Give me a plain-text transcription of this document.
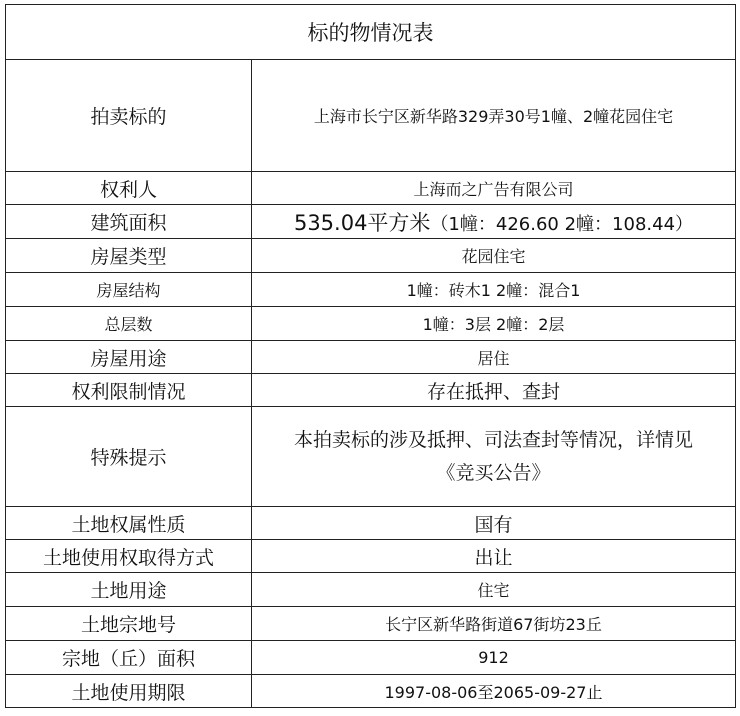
标的物情况表	
拍卖标的	上海市长宁区新华路329弄30号1幢、2幢花园住宅
权利人	上海而之广告有限公司
建筑面积	535.04平方米（1幢：426.60 2幢：108.44）
房屋类型	花园住宅
房屋结构	1幢：砖木1 2幢：混合1
总层数	1幢：3层 2幢：2层
房屋用途	居住
权利限制情况	存在抵押、查封
特殊提示	本拍卖标的涉及抵押、司法查封等情况，详情见
《竞买公告》

土地权属性质	国有
土地使用权取得方式	出让
土地用途	住宅
土地宗地号	长宁区新华路街道67街坊23丘
宗地（丘）面积	912
土地使用期限	1997-08-06至2065-09-27止
